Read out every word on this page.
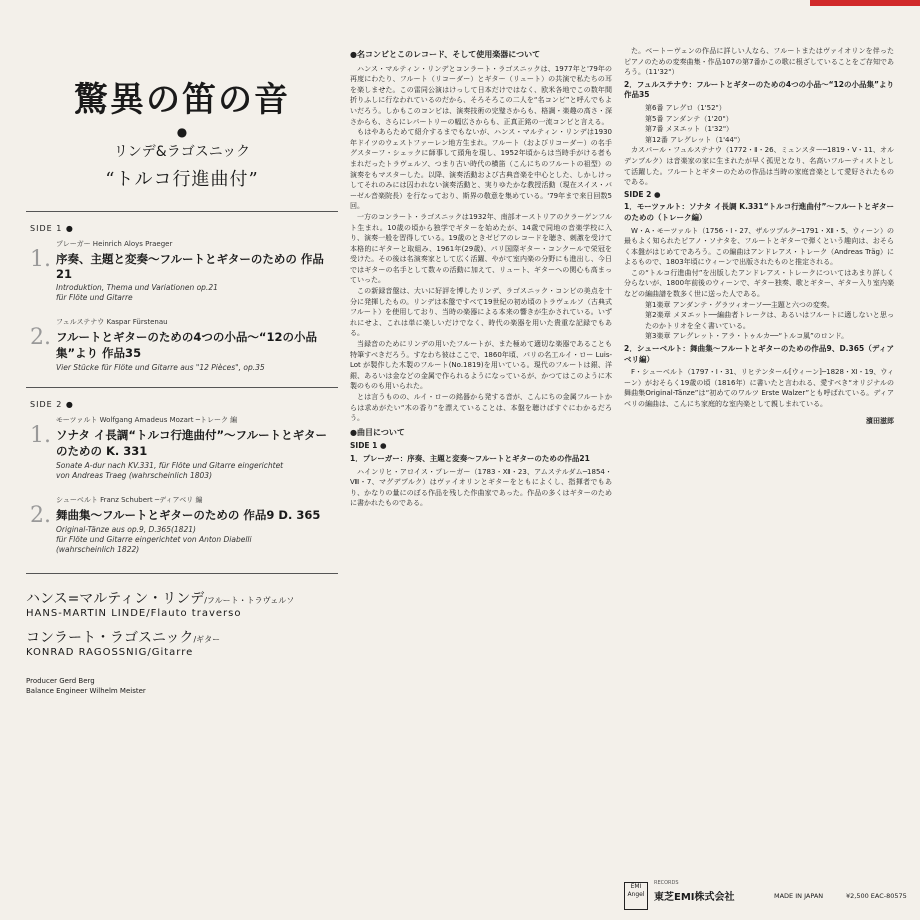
驚異の笛の音
●
リンデ&ラゴスニック
“トルコ行進曲付”
SIDE 1 ●
1.
プレーガー Heinrich Aloys Praeger
序奏、主題と変奏〜フルートとギターのための 作品21
Introduktion, Thema und Variationen op.21
für Flöte und Gitarre
2.
フュルステナウ Kaspar Fürstenau
フルートとギターのための4つの小品〜“12の小品集”より 作品35
Vier Stücke für Flöte und Gitarre aus "12 Pièces", op.35
SIDE 2 ●
1.
モーツァルト Wolfgang Amadeus Mozart ─トレーク 編
ソナタ イ長調“トルコ行進曲付”〜フルートとギターのための K. 331
Sonate A-dur nach KV.331, für Flöte und Gitarre eingerichtet
von Andreas Traeg (wahrscheinlich 1803)
2.
シューベルト Franz Schubert ─ディアベリ 編
舞曲集〜フルートとギターのための 作品9 D. 365
Original-Tänze aus op.9, D.365(1821)
für Flöte und Gitarre eingerichtet von Anton Diabelli
(wahrscheinlich 1822)
ハンス=マルティン・リンデ/フルート・トラヴェルソ
HANS-MARTIN LINDE/Flauto traverso
コンラート・ラゴスニック/ギター
KONRAD RAGOSSNIG/Gitarre
Producer Gerd Berg
Balance Engineer Wilhelm Meister

●名コンビとこのレコード、そして使用楽器について

ハンス・マルティン・リンデとコンラート・ラゴスニックは、1977年と'79年の再度にわたり、フルート（リコーダー）とギター（リュート）の共演で私たちの耳を楽しませた。この雷同公演はけっして日本だけではなく、欧米各地でこの数年間折りふしに行なわれているのだから、そろそろこの二人を“名コンビ”と呼んでもよいだろう。しかもこのコンビは、演奏技術の完璧さからも、格調・楽趣の高さ・深さからも、さらにレパートリーの幅広さからも、正真正銘の一流コンビと言える。

もはやあらためて紹介するまでもないが、ハンス・マルティン・リンデは1930年ドイツのウェストファーレン地方生まれ。フルート（およびリコーダー）の名手グスターフ・シェックに師事して頭角を現し、1952年頃からは当時手がける者もまれだったトラヴェルソ、つまり古い時代の横笛（こんにちのフルートの祖型）の演奏をもマスターした。以降、演奏活動および古典音楽を中心とした、しかしけっしてそれのみには囚われない演奏活動と、実りゆたかな教授活動（現在スイス・バーゼル音楽院長）を行なっており、斯界の敬意を集めている。'79年まで来日回数5回。

一方のコンラート・ラゴスニックは1932年、南部オーストリアのクラーゲンフルト生まれ。10歳の頃から独学でギターを始めたが、14歳で同地の音楽学校に入り、演奏一般を習得している。19歳のときゼピアのレコードを聴き、刺激を受けて本格的にギターと取組み、1961年(29歳)、パリ国際ギター・コンクールで栄冠を受けた。その後は名演奏家として広く活躍、やがて室内楽の分野にも進出し、今日ではギターの名手として数々の活動に加えて、リュート、ギターへの関心も高まっていった。

この新録音盤は、大いに好評を博したリンデ、ラゴスニック・コンビの美点を十分に発揮したもの。リンデは本盤ですべて19世紀の初め頃のトラヴェルソ（古典式フルート）を使用しており、当時の楽器による本来の響きが生かされている。いずれにせよ、これは単に楽しいだけでなく、時代の楽器を用いた貴重な記録でもある。

当録音のためにリンデの用いたフルートが、また極めて適切な楽器であることも特筆すべきだろう。すなわち彼はここで、1860年頃、パリの名工ルイ・ロー Luis-Lot が製作した木製のフルート(No.1819)を用いている。現代のフルートは銀、洋銀、あるいは金などの金属で作られるようになっているが、かつてはこのように木製のものも用いられた。

とは言うものの、ルイ・ローの銘器から発する音が、こんにちの金属フルートからは求めがたい“木の香り”を漂えていることは、本盤を聴けばすぐにわかるだろう。

●曲目について

SIDE 1 ●

1．プレーガー：序奏、主題と変奏〜フルートとギターのための作品21

ハインリヒ・アロイス・プレーガー（1783・Ⅻ・23、アムステルダム─1854・Ⅷ・7、マグデブルク）はヴァイオリンとギターをともによくし、指揮者でもあり、かなりの量にのぼる作品を残した作曲家であった。作品の多くはギターのために書かれたものである。

た。ベートーヴェンの作品に詳しい人なら、フルートまたはヴァイオリンを伴ったピアノのための変奏曲集・作品107の第7番かこの歌に根ざしていることをご存知であろう。（11'32"）

2．フュルステナウ：フルートとギターのための4つの小品〜“12の小品集”より 作品35

第6番 アレグロ（1'52"）

第5番 アンダンテ（1'20"）

第7番 メヌエット（1'32"）

第12番 アレグレット（1'44"）

カスパール・フュルステナウ（1772・Ⅱ・26、ミュンスター─1819・Ⅴ・11、オルデンブルク）は音楽家の家に生まれたが早く孤児となり、名高いフルーティストとして活躍した。フルートとギターのための作品は当時の家庭音楽として愛好されたものである。

SIDE 2 ●

1．モーツァルト：ソナタ イ長調 K.331“トルコ行進曲付”〜フルートとギターのための（トレーク編）

W・A・モーツァルト（1756・Ⅰ・27、ザルツブルク─1791・Ⅻ・5、ウィーン）の最もよく知られたピアノ・ソナタを、フルートとギターで弾くという趣向は、おそらく本盤がはじめてであろう。この編曲はアンドレアス・トレーク（Andreas Träg）によるもので、1803年頃にウィーンで出版されたものと推定される。

この“トルコ行進曲付”を出版したアンドレアス・トレークについてはあまり詳しく分らないが、1800年前後のウィーンで、ギター独奏、歌とギター、ギター入り室内楽などの編曲譜を数多く世に送った人である。

第1楽章 アンダンテ・グラツィオーソ──主題と六つの変奏。

第2楽章 メヌエット──編曲者トレークは、あるいはフルートに適しないと思ったのかトリオを全く書いている。

第3楽章 アレグレット・アラ・トゥルカ──“トルコ風”のロンド。

2．シューベルト：舞曲集〜フルートとギターのための作品9、D.365（ディアベリ編）

F・シューベルト（1797・Ⅰ・31、リヒテンタール[ウィーン]─1828・Ⅺ・19、ウィーン）がおそらく19歳の頃（1816年）に書いたと言われる、愛すべき“オリジナルの舞曲集Original-Tänze”は“初めてのワルツ Erste Walzer”とも呼ばれている。ディアベリの編曲は、こんにち家庭的な室内楽として親しまれている。

濱田滋郎

EMI Angel
RECORDS
東芝EMI株式会社	MADE IN JAPAN	¥2,500 EAC-80575
